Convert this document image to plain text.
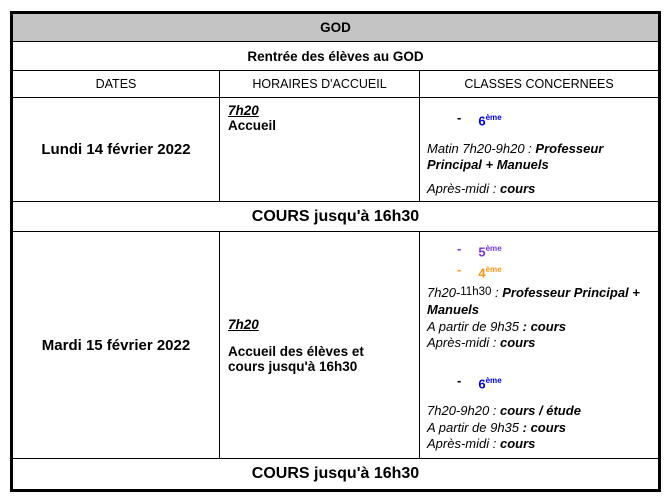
GOD
Rentrée des élèves au GOD
DATES	HORAIRES D'ACCUEIL	CLASSES CONCERNEES
Lundi 14 février 2022

7h20

Accueil

- 6ème

Matin 7h20-9h20 : Professeur Principal + Manuels

Après-midi : cours

COURS jusqu'à 16h30
Mardi 15 février 2022

7h20

Accueil des élèves et cours jusqu'à 16h30

- 5ème
- 4ème

7h20-11h30 : Professeur Principal + Manuels

A partir de 9h35 : cours

Après-midi : cours

- 6ème

7h20-9h20 : cours / étude

A partir de 9h35 : cours

Après-midi : cours

COURS jusqu'à 16h30
